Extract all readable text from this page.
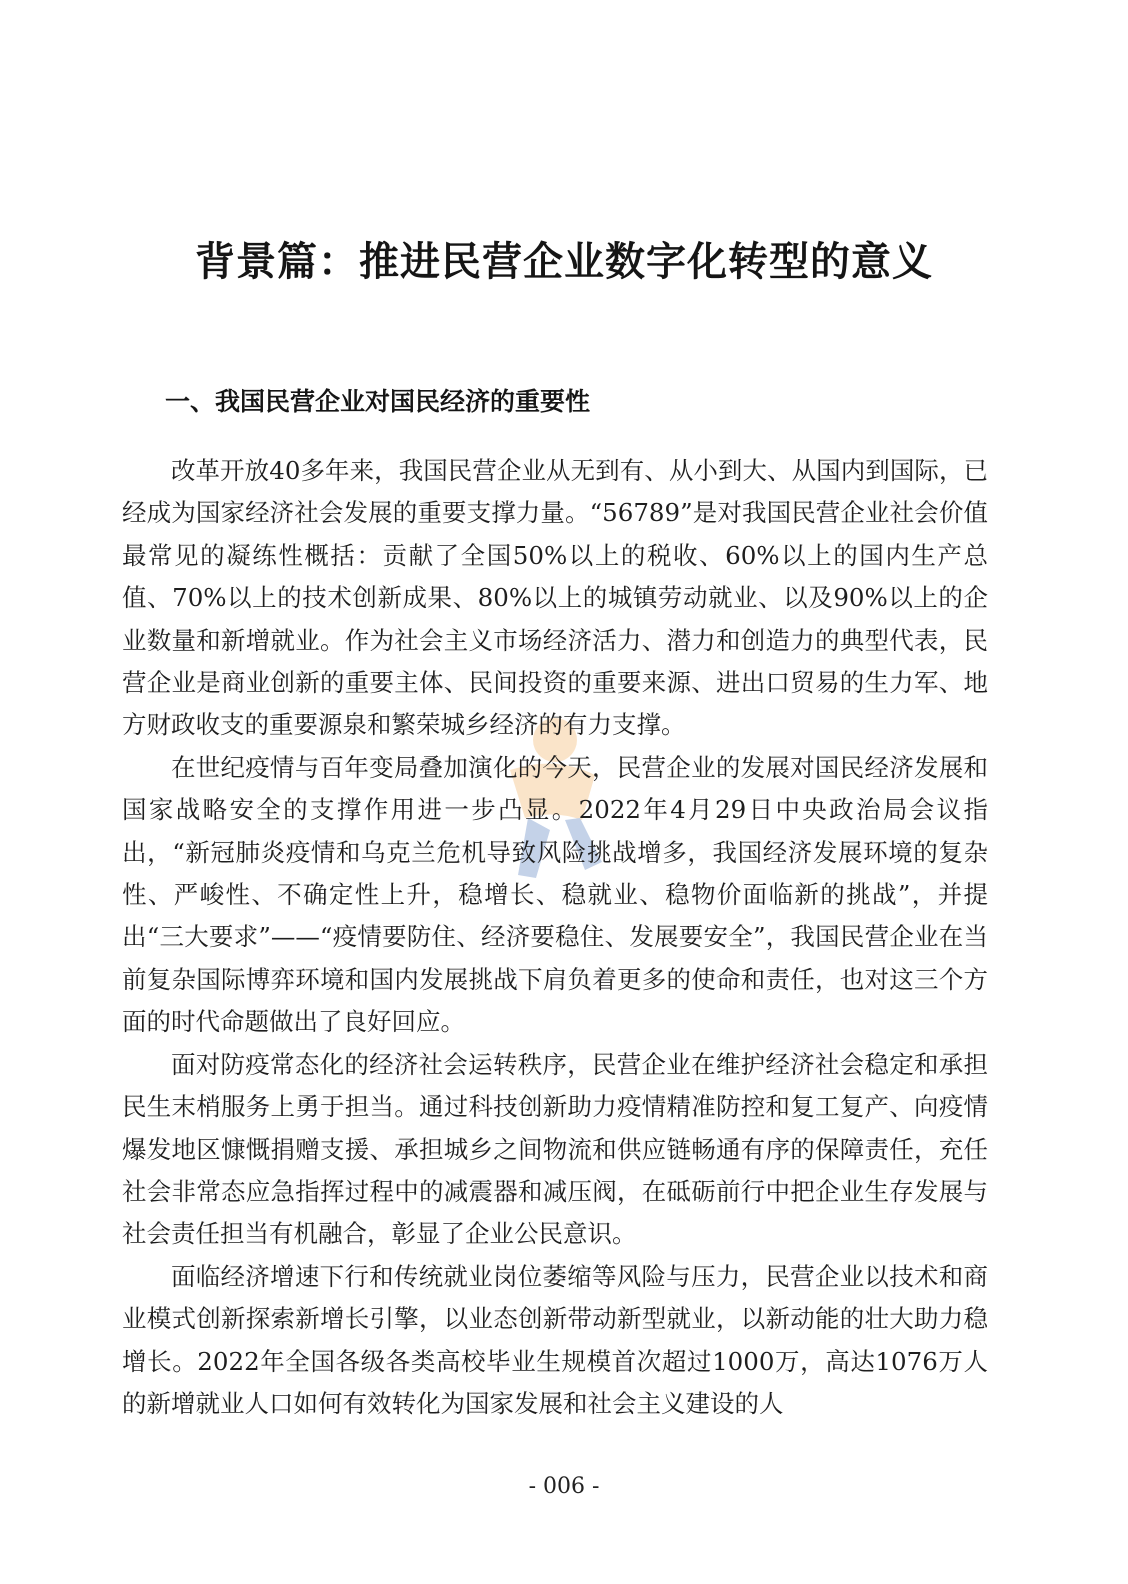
背景篇：推进民营企业数字化转型的意义
一、我国民营企业对国民经济的重要性

改革开放40多年来，我国民营企业从无到有、从小到大、从国内到国际，已经成为国家经济社会发展的重要支撑力量。“56789”是对我国民营企业社会价值最常见的凝练性概括：贡献了全国50%以上的税收、60%以上的国内生产总值、70%以上的技术创新成果、80%以上的城镇劳动就业、以及90%以上的企业数量和新增就业。作为社会主义市场经济活力、潜力和创造力的典型代表，民营企业是商业创新的重要主体、民间投资的重要来源、进出口贸易的生力军、地方财政收支的重要源泉和繁荣城乡经济的有力支撑。

在世纪疫情与百年变局叠加演化的今天，民营企业的发展对国民经济发展和国家战略安全的支撑作用进一步凸显。2022年4月29日中央政治局会议指出，“新冠肺炎疫情和乌克兰危机导致风险挑战增多，我国经济发展环境的复杂性、严峻性、不确定性上升，稳增长、稳就业、稳物价面临新的挑战”，并提出“三大要求”——“疫情要防住、经济要稳住、发展要安全”，我国民营企业在当前复杂国际博弈环境和国内发展挑战下肩负着更多的使命和责任，也对这三个方面的时代命题做出了良好回应。

面对防疫常态化的经济社会运转秩序，民营企业在维护经济社会稳定和承担民生末梢服务上勇于担当。通过科技创新助力疫情精准防控和复工复产、向疫情爆发地区慷慨捐赠支援、承担城乡之间物流和供应链畅通有序的保障责任，充任社会非常态应急指挥过程中的减震器和减压阀，在砥砺前行中把企业生存发展与社会责任担当有机融合，彰显了企业公民意识。

面临经济增速下行和传统就业岗位萎缩等风险与压力，民营企业以技术和商业模式创新探索新增长引擎，以业态创新带动新型就业，以新动能的壮大助力稳增长。2022年全国各级各类高校毕业生规模首次超过1000万，高达1076万人的新增就业人口如何有效转化为国家发展和社会主义建设的人

- 006 -
